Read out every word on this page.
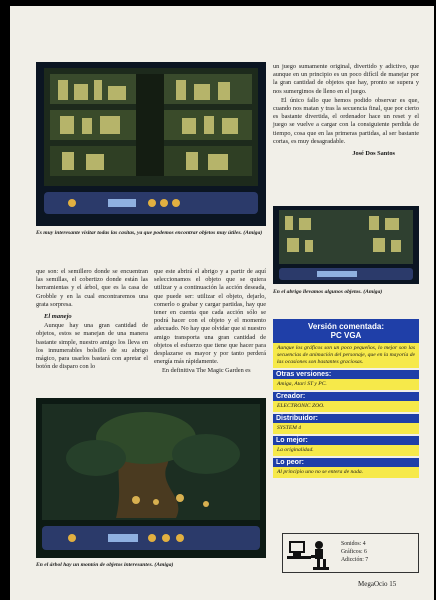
Es muy interesante visitar todas las casitas, ya que podemos encontrar objetos muy útiles. (Amiga)

un juego sumamente original, divertido y adictivo, que aunque en un principio es un poco difícil de manejar por la gran cantidad de objetos que hay, pronto se supera y nos sumergimos de lleno en el juego.

El único fallo que hemos podido observar es que, cuando nos matan y tras la secuencia final, que por cierto es bastante divertida, el ordenador hace un reset y el juego se vuelve a cargar con la consiguiente perdida de tiempo, cosa que en las primeras partidas, al ser bastante cortas, es muy desagradable.

José Dos Santos

En el abrigo llevamos algunos objetos. (Amiga)

que son: el semillero donde se encuentran las semillas, el cobertizo donde están las herramientas y el árbol, que es la casa de Grobble y en la cual encontraremos una grata sorpresa.

El manejo

Aunque hay una gran cantidad de objetos, estos se manejan de una manera bastante simple, nuestro amigo los lleva en los innumerables bolsillo de su abrigo mágico, para usarlos bastará con apretar el botón de disparo con lo

que este abrirá el abrigo y a partir de aquí seleccionamos el objeto que se quiera utilizar y a continuación la acción deseada, que puede ser: utilizar el objeto, dejarlo, comerlo o grabar y cargar partidas, hay que tener en cuenta que cada acción sólo se podrá hacer con el objeto y el momento adecuado. No hay que olvidar que si nuestro amigo transporta una gran cantidad de objetos el esfuerzo que tiene que hacer para desplazarse es mayor y por tanto perderá energía más rápidamente.

En definitiva The Magic Garden es

En el árbol hay un montón de objetos interesantes. (Amiga)
Versión comentada:
PC VGA
Aunque los gráficos son un poco pequeños, lo mejor son las secuencias de animación del personaje, que en la mayoría de las ocasiones son bastantes graciosas.
Otras versiones:
Amiga, Atari ST y PC.
Creador:
ELECTRONIC ZOO.
Distribuidor:
SYSTEM 4
Lo mejor:
La originalidad.
Lo peor:
Al principio uno no se entera de nada.
Sonidos: 4
Gráficos: 6
Adicción: 7
MegaOcio 15
